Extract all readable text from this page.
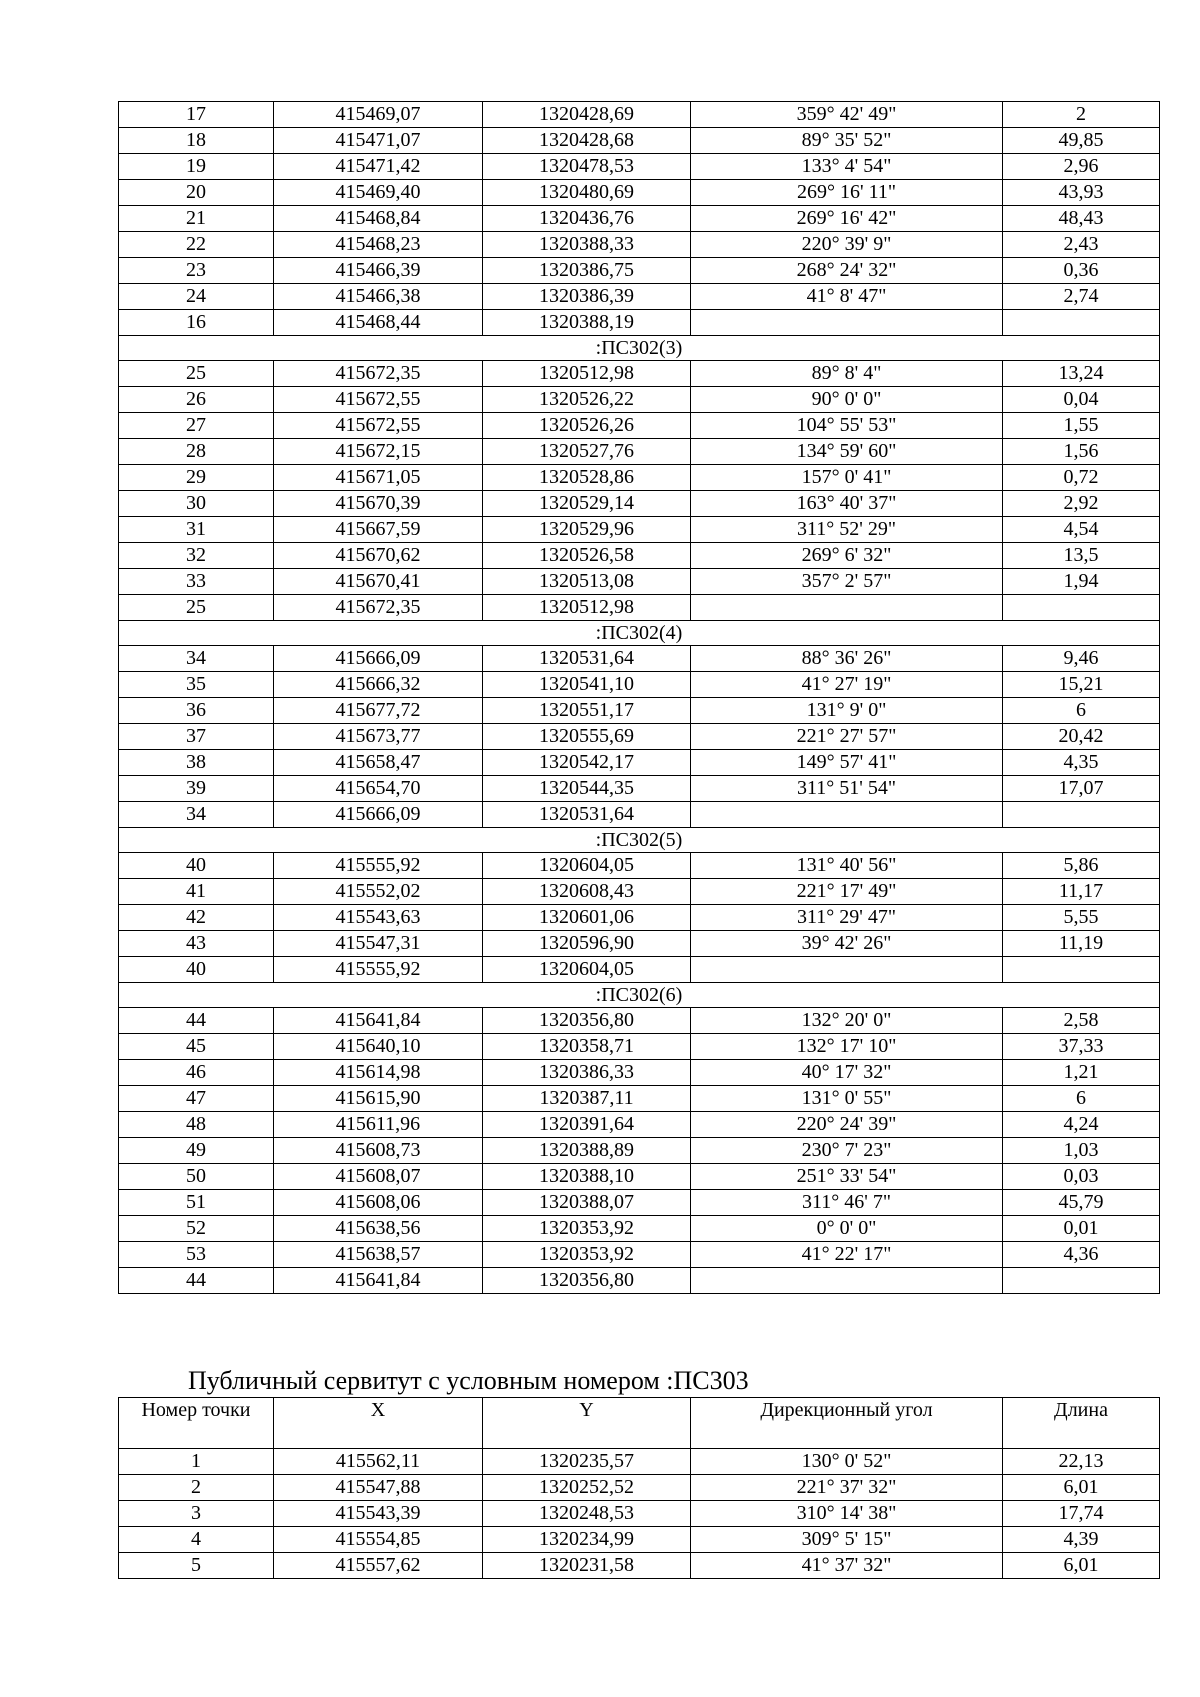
17	415469,07	1320428,69	359° 42' 49"	2
18	415471,07	1320428,68	89° 35' 52"	49,85
19	415471,42	1320478,53	133° 4' 54"	2,96
20	415469,40	1320480,69	269° 16' 11"	43,93
21	415468,84	1320436,76	269° 16' 42"	48,43
22	415468,23	1320388,33	220° 39' 9"	2,43
23	415466,39	1320386,75	268° 24' 32"	0,36
24	415466,38	1320386,39	41° 8' 47"	2,74
16	415468,44	1320388,19		
:ПС302(3)				
25	415672,35	1320512,98	89° 8' 4"	13,24
26	415672,55	1320526,22	90° 0' 0"	0,04
27	415672,55	1320526,26	104° 55' 53"	1,55
28	415672,15	1320527,76	134° 59' 60"	1,56
29	415671,05	1320528,86	157° 0' 41"	0,72
30	415670,39	1320529,14	163° 40' 37"	2,92
31	415667,59	1320529,96	311° 52' 29"	4,54
32	415670,62	1320526,58	269° 6' 32"	13,5
33	415670,41	1320513,08	357° 2' 57"	1,94
25	415672,35	1320512,98		
:ПС302(4)				
34	415666,09	1320531,64	88° 36' 26"	9,46
35	415666,32	1320541,10	41° 27' 19"	15,21
36	415677,72	1320551,17	131° 9' 0"	6
37	415673,77	1320555,69	221° 27' 57"	20,42
38	415658,47	1320542,17	149° 57' 41"	4,35
39	415654,70	1320544,35	311° 51' 54"	17,07
34	415666,09	1320531,64		
:ПС302(5)				
40	415555,92	1320604,05	131° 40' 56"	5,86
41	415552,02	1320608,43	221° 17' 49"	11,17
42	415543,63	1320601,06	311° 29' 47"	5,55
43	415547,31	1320596,90	39° 42' 26"	11,19
40	415555,92	1320604,05		
:ПС302(6)				
44	415641,84	1320356,80	132° 20' 0"	2,58
45	415640,10	1320358,71	132° 17' 10"	37,33
46	415614,98	1320386,33	40° 17' 32"	1,21
47	415615,90	1320387,11	131° 0' 55"	6
48	415611,96	1320391,64	220° 24' 39"	4,24
49	415608,73	1320388,89	230° 7' 23"	1,03
50	415608,07	1320388,10	251° 33' 54"	0,03
51	415608,06	1320388,07	311° 46' 7"	45,79
52	415638,56	1320353,92	0° 0' 0"	0,01
53	415638,57	1320353,92	41° 22' 17"	4,36
44	415641,84	1320356,80		
Публичный сервитут с условным номером :ПС303
Номер точки	X	Y	Дирекционный угол	Длина
1	415562,11	1320235,57	130° 0' 52"	22,13
2	415547,88	1320252,52	221° 37' 32"	6,01
3	415543,39	1320248,53	310° 14' 38"	17,74
4	415554,85	1320234,99	309° 5' 15"	4,39
5	415557,62	1320231,58	41° 37' 32"	6,01
